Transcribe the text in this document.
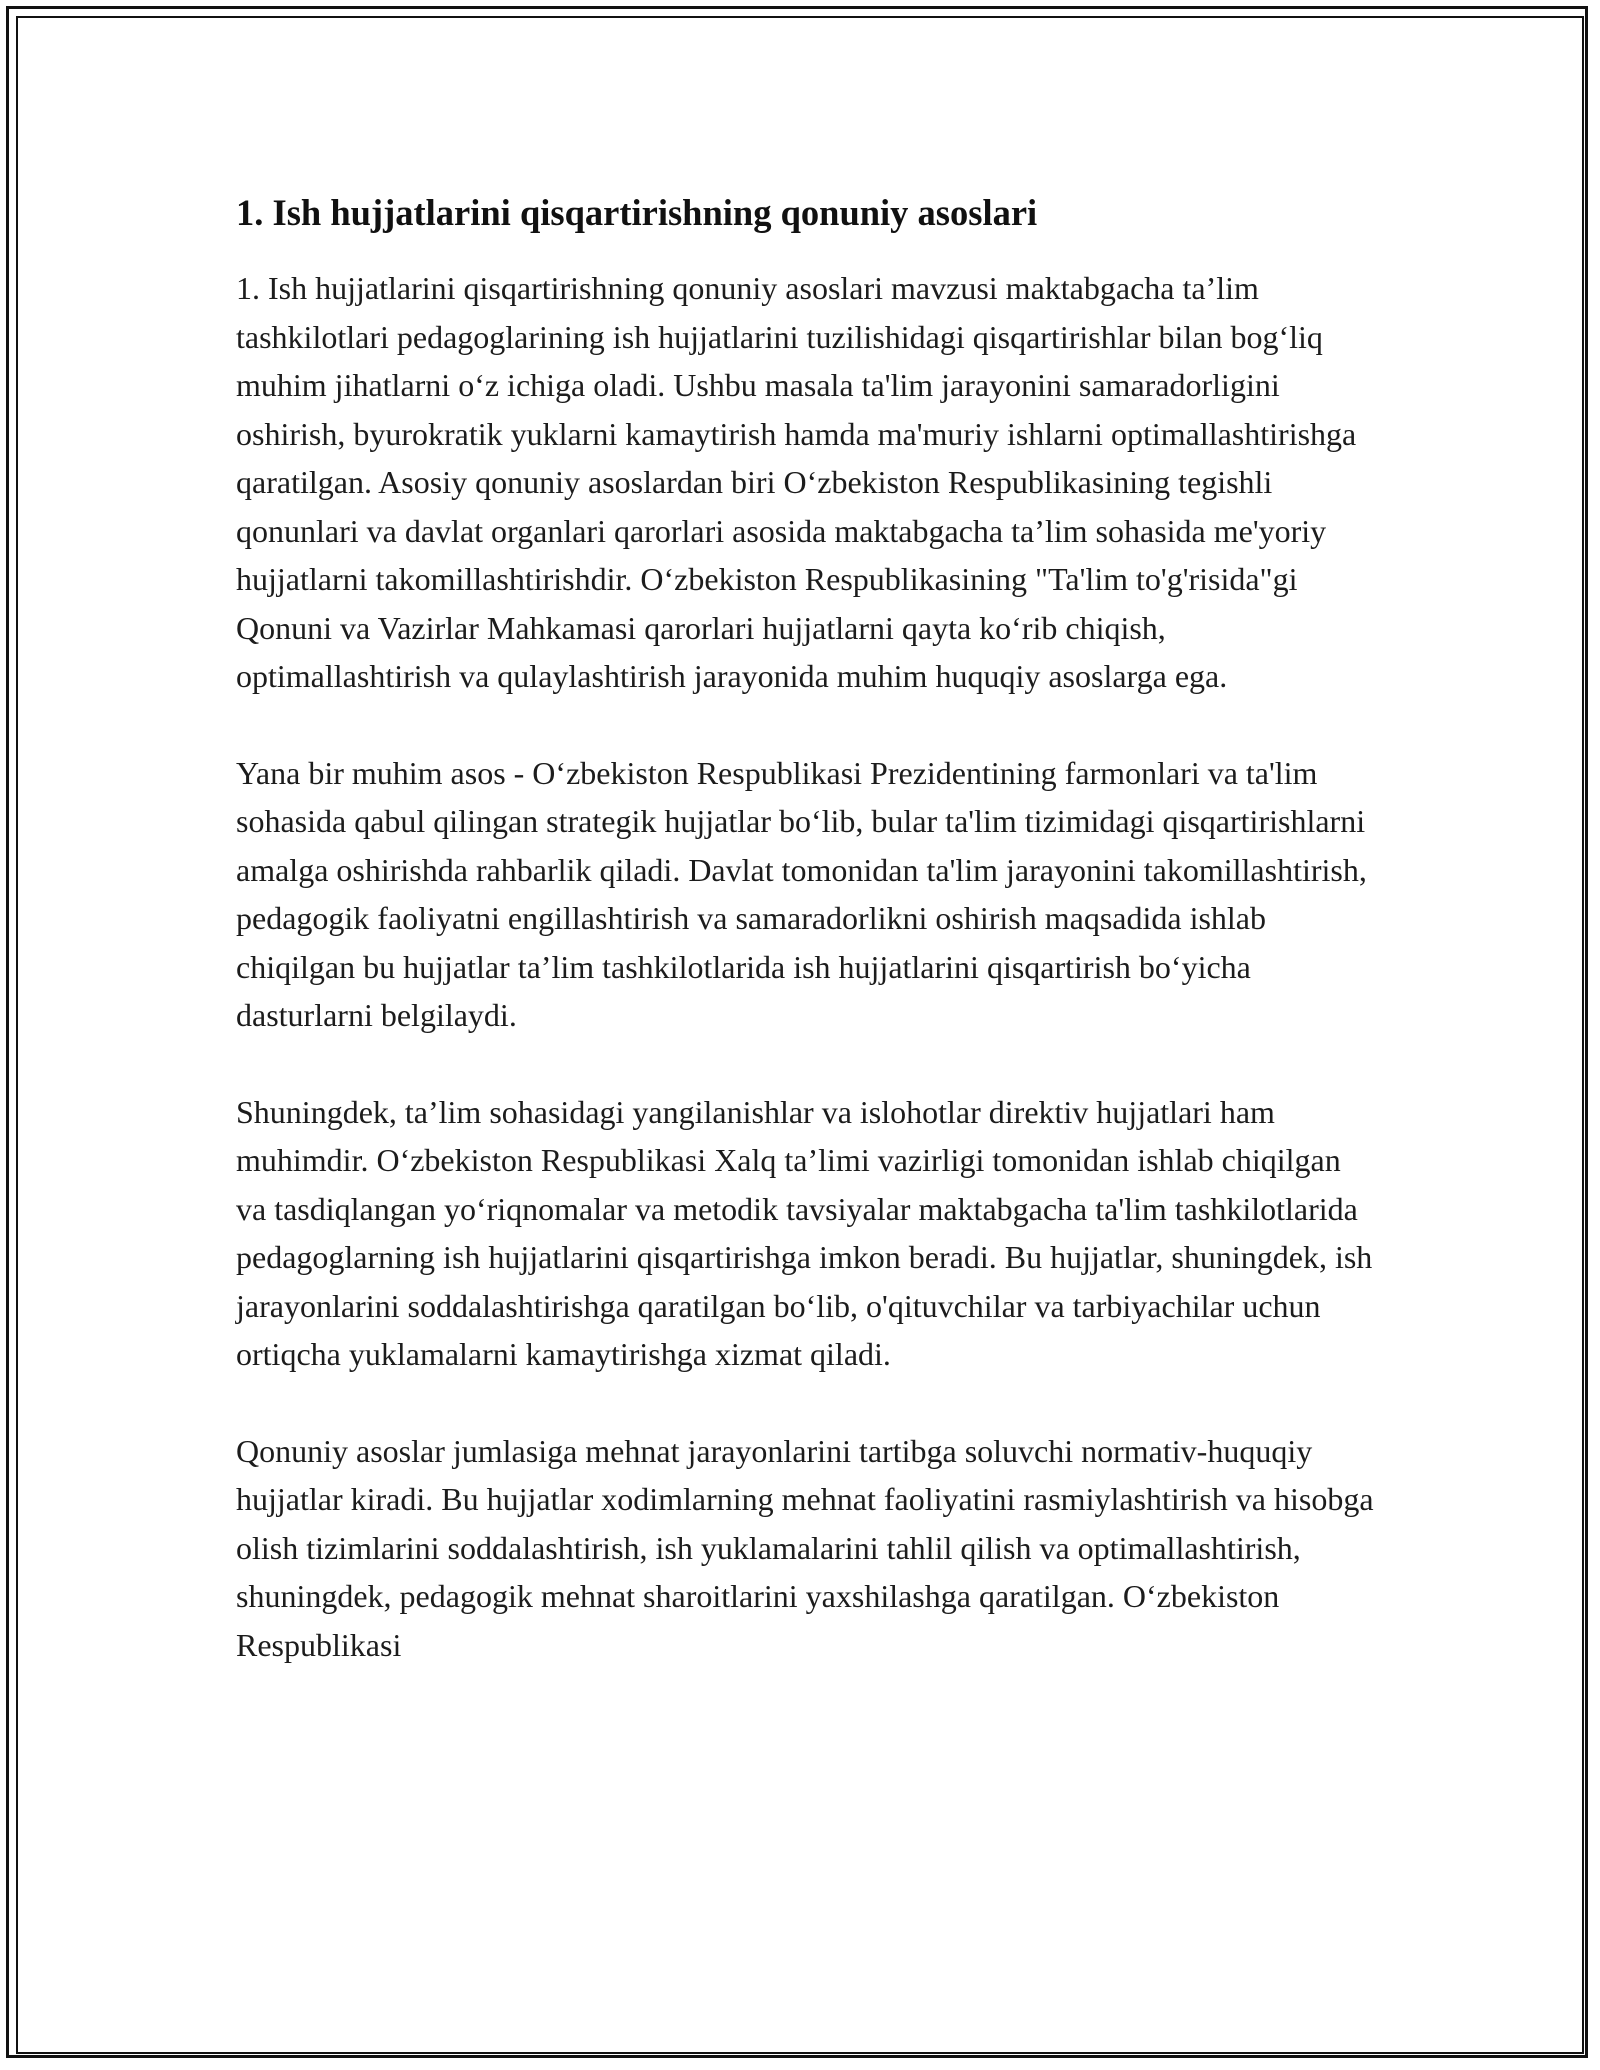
1. Ish hujjatlarini qisqartirishning qonuniy asoslari

1. Ish hujjatlarini qisqartirishning qonuniy asoslari mavzusi maktabgacha ta’lim tashkilotlari pedagoglarining ish hujjatlarini tuzilishidagi qisqartirishlar bilan bog‘liq muhim jihatlarni o‘z ichiga oladi. Ushbu masala ta'lim jarayonini samaradorligini oshirish, byurokratik yuklarni kamaytirish hamda ma'muriy ishlarni optimallashtirishga qaratilgan. Asosiy qonuniy asoslardan biri O‘zbekiston Respublikasining tegishli qonunlari va davlat organlari qarorlari asosida maktabgacha ta’lim sohasida me'yoriy hujjatlarni takomillashtirishdir. O‘zbekiston Respublikasining "Ta'lim to'g'risida"gi Qonuni va Vazirlar Mahkamasi qarorlari hujjatlarni qayta ko‘rib chiqish, optimallashtirish va qulaylashtirish jarayonida muhim huquqiy asoslarga ega.

Yana bir muhim asos - O‘zbekiston Respublikasi Prezidentining farmonlari va ta'lim sohasida qabul qilingan strategik hujjatlar bo‘lib, bular ta'lim tizimidagi qisqartirishlarni amalga oshirishda rahbarlik qiladi. Davlat tomonidan ta'lim jarayonini takomillashtirish, pedagogik faoliyatni engillashtirish va samaradorlikni oshirish maqsadida ishlab chiqilgan bu hujjatlar ta’lim tashkilotlarida ish hujjatlarini qisqartirish bo‘yicha dasturlarni belgilaydi.

Shuningdek, ta’lim sohasidagi yangilanishlar va islohotlar direktiv hujjatlari ham muhimdir. O‘zbekiston Respublikasi Xalq ta’limi vazirligi tomonidan ishlab chiqilgan va tasdiqlangan yo‘riqnomalar va metodik tavsiyalar maktabgacha ta'lim tashkilotlarida pedagoglarning ish hujjatlarini qisqartirishga imkon beradi. Bu hujjatlar, shuningdek, ish jarayonlarini soddalashtirishga qaratilgan bo‘lib, o'qituvchilar va tarbiyachilar uchun ortiqcha yuklamalarni kamaytirishga xizmat qiladi.

Qonuniy asoslar jumlasiga mehnat jarayonlarini tartibga soluvchi normativ-huquqiy hujjatlar kiradi. Bu hujjatlar xodimlarning mehnat faoliyatini rasmiylashtirish va hisobga olish tizimlarini soddalashtirish, ish yuklamalarini tahlil qilish va optimallashtirish, shuningdek, pedagogik mehnat sharoitlarini yaxshilashga qaratilgan. O‘zbekiston Respublikasi
